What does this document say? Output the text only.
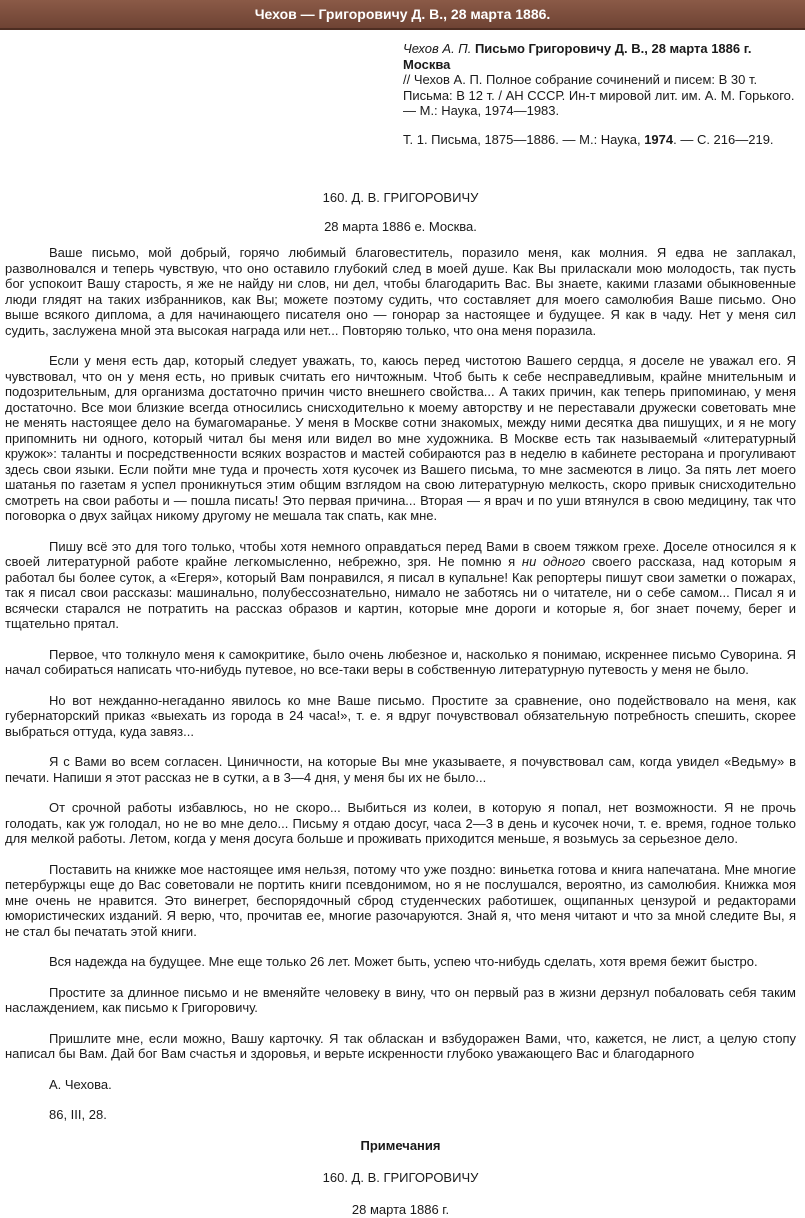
Чехов — Григоровичу Д. В., 28 марта 1886.

Чехов А. П. Письмо Григоровичу Д. В., 28 марта 1886 г. Москва
// Чехов А. П. Полное собрание сочинений и писем: В 30 т. Письма: В 12 т. / АН СССР. Ин-т мировой лит. им. А. М. Горького. — М.: Наука, 1974—1983.

Т. 1. Письма, 1875—1886. — М.: Наука, 1974. — С. 216—219.

160. Д. В. ГРИГОРОВИЧУ
28 марта 1886 е. Москва.

Ваше письмо, мой добрый, горячо любимый благовеститель, поразило меня, как молния. Я едва не заплакал, разволновался и теперь чувствую, что оно оставило глубокий след в моей душе. Как Вы приласкали мою молодость, так пусть бог успокоит Вашу старость, я же не найду ни слов, ни дел, чтобы благодарить Вас. Вы знаете, какими глазами обыкновенные люди глядят на таких избранников, как Вы; можете поэтому судить, что составляет для моего самолюбия Ваше письмо. Оно выше всякого диплома, а для начинающего писателя оно — гонорар за настоящее и будущее. Я как в чаду. Нет у меня сил судить, заслужена мной эта высокая награда или нет... Повторяю только, что она меня поразила.

Если у меня есть дар, который следует уважать, то, каюсь перед чистотою Вашего сердца, я доселе не уважал его. Я чувствовал, что он у меня есть, но привык считать его ничтожным. Чтоб быть к себе несправедливым, крайне мнительным и подозрительным, для организма достаточно причин чисто внешнего свойства... А таких причин, как теперь припоминаю, у меня достаточно. Все мои близкие всегда относились снисходительно к моему авторству и не переставали дружески советовать мне не менять настоящее дело на бумагомаранье. У меня в Москве сотни знакомых, между ними десятка два пишущих, и я не могу припомнить ни одного, который читал бы меня или видел во мне художника. В Москве есть так называемый «литературный кружок»: таланты и посредственности всяких возрастов и мастей собираются раз в неделю в кабинете ресторана и прогуливают здесь свои языки. Если пойти мне туда и прочесть хотя кусочек из Вашего письма, то мне засмеются в лицо. За пять лет моего шатанья по газетам я успел проникнуться этим общим взглядом на свою литературную мелкость, скоро привык снисходительно смотреть на свои работы и — пошла писать! Это первая причина... Вторая — я врач и по уши втянулся в свою медицину, так что поговорка о двух зайцах никому другому не мешала так спать, как мне.

Пишу всё это для того только, чтобы хотя немного оправдаться перед Вами в своем тяжком грехе. Доселе относился я к своей литературной работе крайне легкомысленно, небрежно, зря. Не помню я ни одного своего рассказа, над которым я работал бы более суток, а «Егеря», который Вам понравился, я писал в купальне! Как репортеры пишут свои заметки о пожарах, так я писал свои рассказы: машинально, полубессознательно, нимало не заботясь ни о читателе, ни о себе самом... Писал я и всячески старался не потратить на рассказ образов и картин, которые мне дороги и которые я, бог знает почему, берег и тщательно прятал.

Первое, что толкнуло меня к самокритике, было очень любезное и, насколько я понимаю, искреннее письмо Суворина. Я начал собираться написать что-нибудь путевое, но все-таки веры в собственную литературную путевость у меня не было.

Но вот нежданно-негаданно явилось ко мне Ваше письмо. Простите за сравнение, оно подействовало на меня, как губернаторский приказ «выехать из города в 24 часа!», т. е. я вдруг почувствовал обязательную потребность спешить, скорее выбраться оттуда, куда завяз...

Я с Вами во всем согласен. Циничности, на которые Вы мне указываете, я почувствовал сам, когда увидел «Ведьму» в печати. Напиши я этот рассказ не в сутки, а в 3—4 дня, у меня бы их не было...

От срочной работы избавлюсь, но не скоро... Выбиться из колеи, в которую я попал, нет возможности. Я не прочь голодать, как уж голодал, но не во мне дело... Письму я отдаю досуг, часа 2—3 в день и кусочек ночи, т. е. время, годное только для мелкой работы. Летом, когда у меня досуга больше и проживать приходится меньше, я возьмусь за серьезное дело.

Поставить на книжке мое настоящее имя нельзя, потому что уже поздно: виньетка готова и книга напечатана. Мне многие петербуржцы еще до Вас советовали не портить книги псевдонимом, но я не послушался, вероятно, из самолюбия. Книжка моя мне очень не нравится. Это винегрет, беспорядочный сброд студенческих работишек, ощипанных цензурой и редакторами юмористических изданий. Я верю, что, прочитав ее, многие разочаруются. Знай я, что меня читают и что за мной следите Вы, я не стал бы печатать этой книги.

Вся надежда на будущее. Мне еще только 26 лет. Может быть, успею что-нибудь сделать, хотя время бежит быстро.

Простите за длинное письмо и не вменяйте человеку в вину, что он первый раз в жизни дерзнул побаловать себя таким наслаждением, как письмо к Григоровичу.

Пришлите мне, если можно, Вашу карточку. Я так обласкан и взбудоражен Вами, что, кажется, не лист, а целую стопу написал бы Вам. Дай бог Вам счастья и здоровья, и верьте искренности глубоко уважающего Вас и благодарного

А. Чехова.

86, III, 28.

Примечания
160. Д. В. ГРИГОРОВИЧУ
28 марта 1886 г.
